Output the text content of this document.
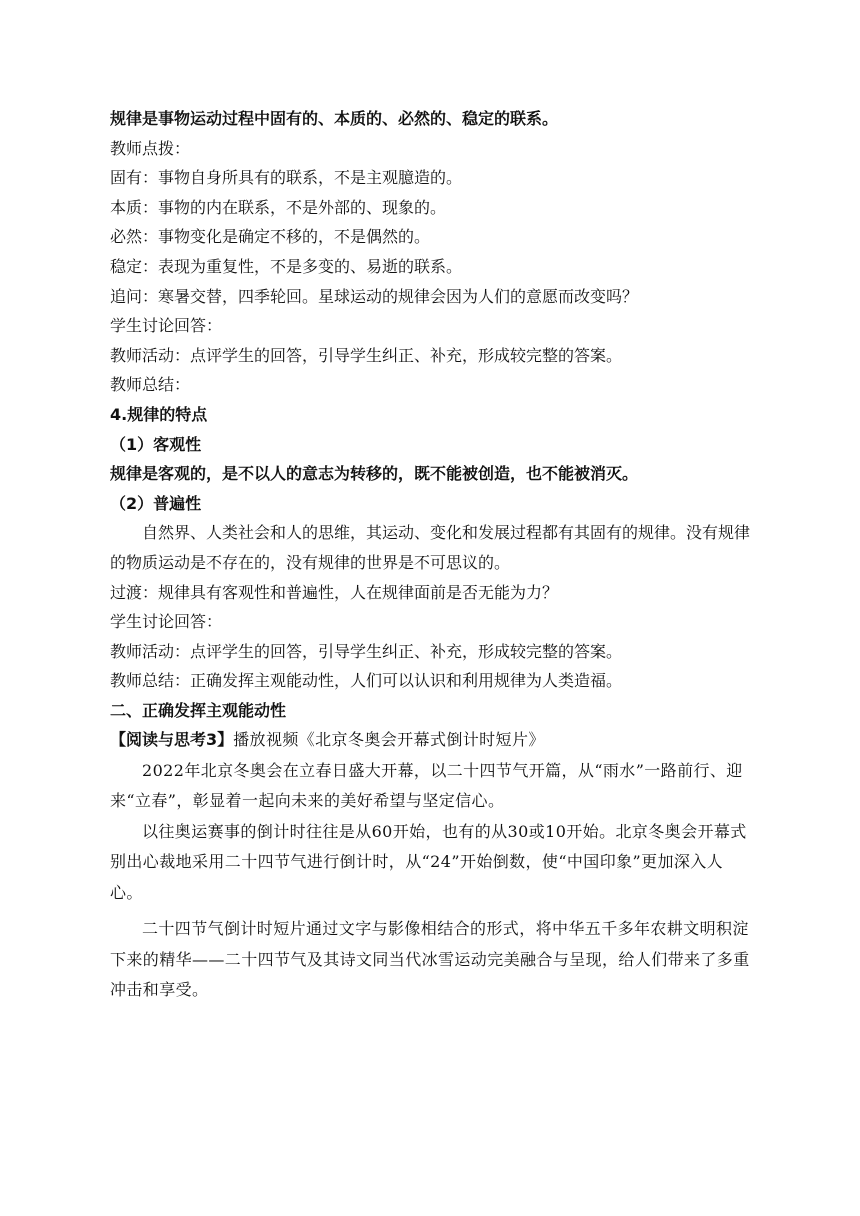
规律是事物运动过程中固有的、本质的、必然的、稳定的联系。

教师点拨：

固有：事物自身所具有的联系，不是主观臆造的。

本质：事物的内在联系，不是外部的、现象的。

必然：事物变化是确定不移的，不是偶然的。

稳定：表现为重复性，不是多变的、易逝的联系。

追问：寒暑交替，四季轮回。星球运动的规律会因为人们的意愿而改变吗？

学生讨论回答：

教师活动：点评学生的回答，引导学生纠正、补充，形成较完整的答案。

教师总结：

4.规律的特点

（1）客观性

规律是客观的，是不以人的意志为转移的，既不能被创造，也不能被消灭。

（2）普遍性

自然界、人类社会和人的思维，其运动、变化和发展过程都有其固有的规律。没有规律的物质运动是不存在的，没有规律的世界是不可思议的。

过渡：规律具有客观性和普遍性，人在规律面前是否无能为力？

学生讨论回答：

教师活动：点评学生的回答，引导学生纠正、补充，形成较完整的答案。

教师总结：正确发挥主观能动性，人们可以认识和利用规律为人类造福。

二、正确发挥主观能动性

【阅读与思考3】播放视频《北京冬奥会开幕式倒计时短片》

2022年北京冬奥会在立春日盛大开幕，以二十四节气开篇，从“雨水”一路前行、迎来“立春”，彰显着一起向未来的美好希望与坚定信心。

以往奥运赛事的倒计时往往是从60开始，也有的从30或10开始。北京冬奥会开幕式别出心裁地采用二十四节气进行倒计时，从“24”开始倒数，使“中国印象”更加深入人心。

二十四节气倒计时短片通过文字与影像相结合的形式，将中华五千多年农耕文明积淀下来的精华——二十四节气及其诗文同当代冰雪运动完美融合与呈现，给人们带来了多重冲击和享受。
